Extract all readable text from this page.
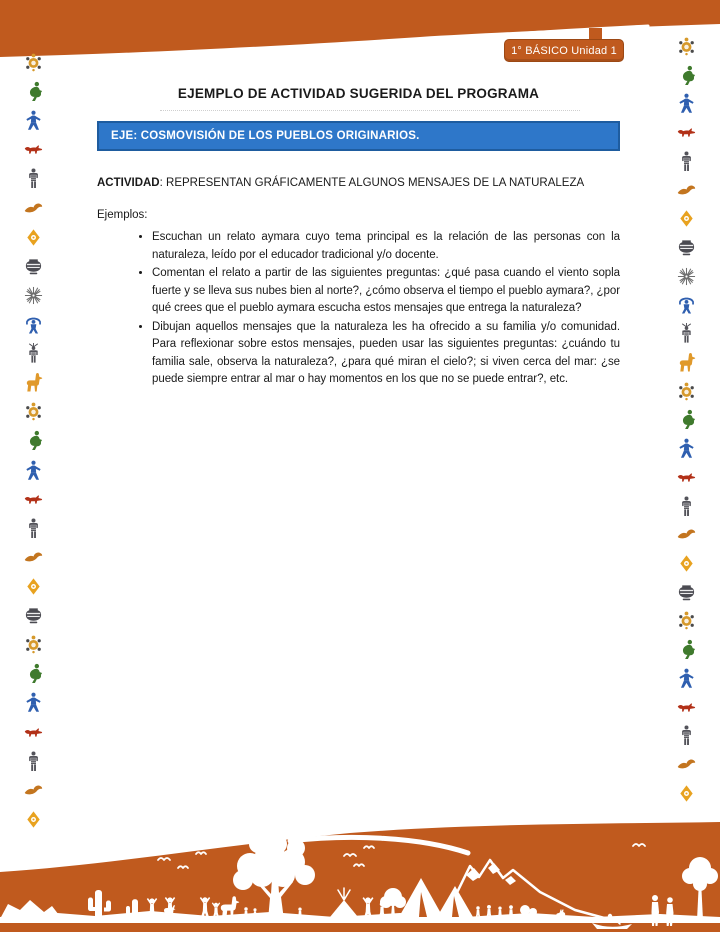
1° BÁSICO Unidad 1
EJEMPLO DE ACTIVIDAD SUGERIDA DEL PROGRAMA
EJE: COSMOVISIÓN DE LOS PUEBLOS ORIGINARIOS.

ACTIVIDAD: REPRESENTAN GRÁFICAMENTE ALGUNOS MENSAJES DE LA NATURALEZA

Ejemplos:

• Escuchan un relato aymara cuyo tema principal es la relación de las personas con la naturaleza, leído por el educador tradicional y/o docente.
• Comentan el relato a partir de las siguientes preguntas: ¿qué pasa cuando el viento sopla fuerte y se lleva sus nubes bien al norte?, ¿cómo observa el tiempo el pueblo aymara?, ¿por qué crees que el pueblo aymara escucha estos mensajes que entrega la naturaleza?
• Dibujan aquellos mensajes que la naturaleza les ha ofrecido a su familia y/o comunidad. Para reflexionar sobre estos mensajes, pueden usar las siguientes preguntas: ¿cuándo tu familia sale, observa la naturaleza?, ¿para qué miran el cielo?; si viven cerca del mar: ¿se puede siempre entrar al mar o hay momentos en los que no se puede entrar?, etc.
